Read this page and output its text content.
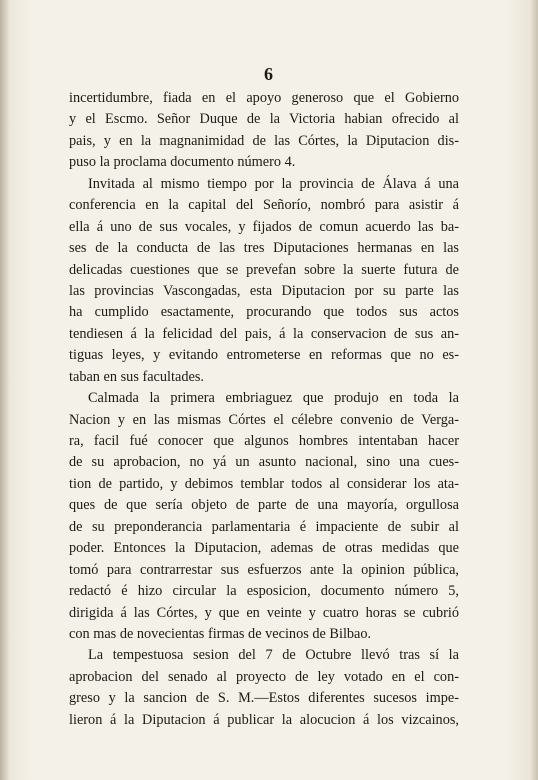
6
incertidumbre, fiada en el apoyo generoso que el Gobierno
y el Escmo. Señor Duque de la Victoria habian ofrecido al
pais, y en la magnanimidad de las Córtes, la Diputacion dis-
puso la proclama documento número 4.
Invitada al mismo tiempo por la provincia de Álava á una
conferencia en la capital del Señorío, nombró para asistir á
ella á uno de sus vocales, y fijados de comun acuerdo las ba-
ses de la conducta de las tres Diputaciones hermanas en las
delicadas cuestiones que se prevefan sobre la suerte futura de
las provincias Vascongadas, esta Diputacion por su parte las
ha cumplido esactamente, procurando que todos sus actos
tendiesen á la felicidad del pais, á la conservacion de sus an-
tiguas leyes, y evitando entrometerse en reformas que no es-
taban en sus facultades.
Calmada la primera embriaguez que produjo en toda la
Nacion y en las mismas Córtes el célebre convenio de Verga-
ra, facil fué conocer que algunos hombres intentaban hacer
de su aprobacion, no yá un asunto nacional, sino una cues-
tion de partido, y debimos temblar todos al considerar los ata-
ques de que sería objeto de parte de una mayoría, orgullosa
de su preponderancia parlamentaria é impaciente de subir al
poder. Entonces la Diputacion, ademas de otras medidas que
tomó para contrarrestar sus esfuerzos ante la opinion pública,
redactó é hizo circular la esposicion, documento número 5,
dirigida á las Córtes, y que en veinte y cuatro horas se cubrió
con mas de novecientas firmas de vecinos de Bilbao.
La tempestuosa sesion del 7 de Octubre llevó tras sí la
aprobacion del senado al proyecto de ley votado en el con-
greso y la sancion de S. M.—Estos diferentes sucesos impe-
lieron á la Diputacion á publicar la alocucion á los vizcainos,
